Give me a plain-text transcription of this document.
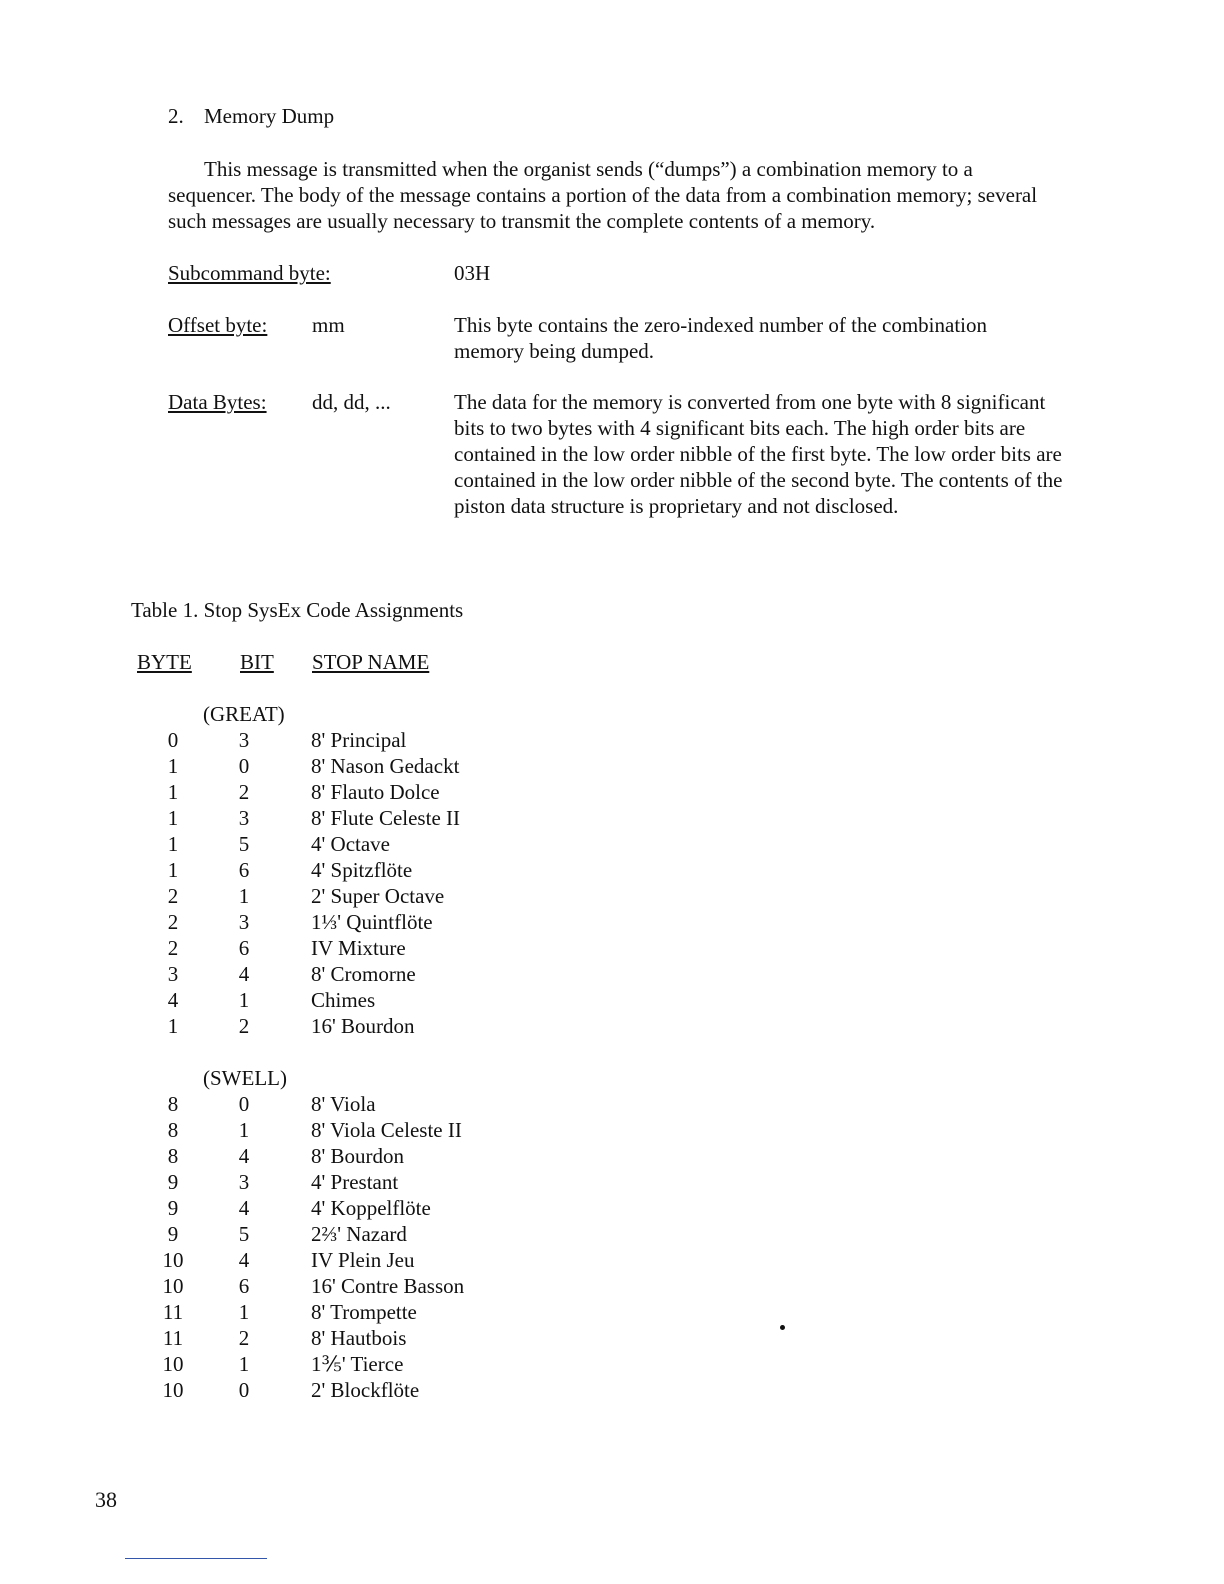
2. Memory Dump
This message is transmitted when the organist sends (“dumps”) a combination memory to a sequencer. The body of the message contains a portion of the data from a combination memory; several such messages are usually necessary to transmit the complete contents of a memory.
Subcommand byte:	03H
Offset byte: mm	This byte contains the zero-indexed number of the combination memory being dumped.
Data Bytes: dd, dd, ...	The data for the memory is converted from one byte with 8 significant bits to two bytes with 4 significant bits each. The high order bits are contained in the low order nibble of the first byte. The low order bits are contained in the low order nibble of the second byte. The contents of the piston data structure is proprietary and not disclosed.
Table 1. Stop SysEx Code Assignments
BYTE BIT STOP NAME
(GREAT)
(SWELL)
38
0	3	8' Principal
1	0	8' Nason Gedackt
1	2	8' Flauto Dolce
1	3	8' Flute Celeste II
1	5	4' Octave
1	6	4' Spitzflöte
2	1	2' Super Octave
2	3	1⅓' Quintflöte
2	6	IV Mixture
3	4	8' Cromorne
4	1	Chimes
1	2	16' Bourdon
8	0	8' Viola
8	1	8' Viola Celeste II
8	4	8' Bourdon
9	3	4' Prestant
9	4	4' Koppelflöte
9	5	2⅔' Nazard
10	4	IV Plein Jeu
10	6	16' Contre Basson
11	1	8' Trompette
11	2	8' Hautbois
10	1	1⅗' Tierce
10	0	2' Blockflöte
